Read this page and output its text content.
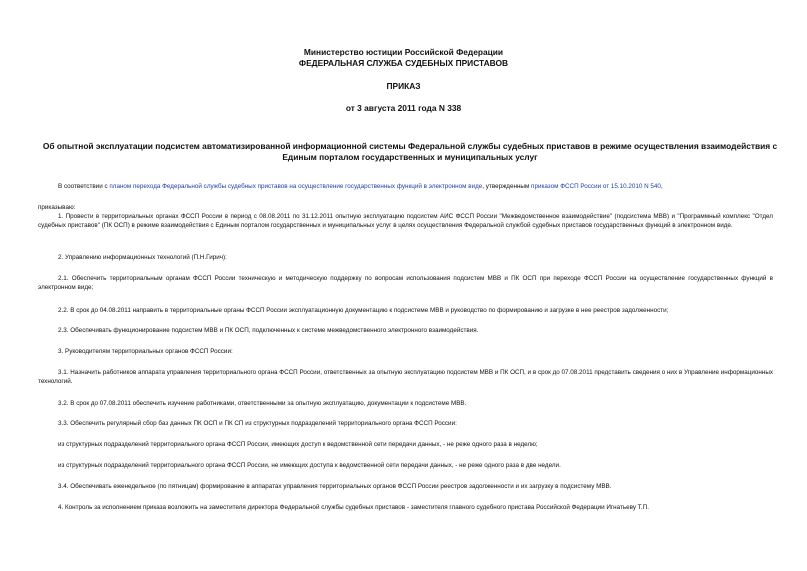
Министерство юстиции Российской Федерации
ФЕДЕРАЛЬНАЯ СЛУЖБА СУДЕБНЫХ ПРИСТАВОВ
ПРИКАЗ
от 3 августа 2011 года N 338
Об опытной эксплуатации подсистем автоматизированной информационной системы Федеральной службы судебных приставов в режиме осуществления взаимодействия с Единым порталом государственных и муниципальных услуг
В соответствии с планом перехода Федеральной службы судебных приставов на осуществление государственных функций в электронном виде, утвержденным приказом ФССП России от 15.10.2010 N 540,
приказываю:
1. Провести в территориальных органах ФССП России в период с 08.08.2011 по 31.12.2011 опытную эксплуатацию подсистем АИС ФССП России "Межведомственное взаимодействие" (подсистема МВВ) и "Программный комплекс "Отдел судебных приставов" (ПК ОСП) в режиме взаимодействия с Единым порталом государственных и муниципальных услуг в целях осуществления Федеральной службой судебных приставов государственных функций в электронном виде.
2. Управлению информационных технологий (П.Н.Гирич):
2.1. Обеспечить территориальным органам ФССП России техническую и методическую поддержку по вопросам использования подсистем МВВ и ПК ОСП при переходе ФССП России на осуществление государственных функций в электронном виде;
2.2. В срок до 04.08.2011 направить в территориальные органы ФССП России эксплуатационную документацию к подсистеме МВВ и руководство по формированию и загрузке в нее реестров задолженности;
2.3. Обеспечивать функционирование подсистем МВВ и ПК ОСП, подключенных к системе межведомственного электронного взаимодействия.
3. Руководителям территориальных органов ФССП России:
3.1. Назначить работников аппарата управления территориального органа ФССП России, ответственных за опытную эксплуатацию подсистем МВВ и ПК ОСП, и в срок до 07.08.2011 представить сведения о них в Управление информационных технологий.
3.2. В срок до 07.08.2011 обеспечить изучение работниками, ответственными за опытную эксплуатацию, документации к подсистеме МВВ.
3.3. Обеспечить регулярный сбор баз данных ПК ОСП и ПК СП из структурных подразделений территориального органа ФССП России:
из структурных подразделений территориального органа ФССП России, имеющих доступ к ведомственной сети передачи данных, - не реже одного раза в неделю;
из структурных подразделений территориального органа ФССП России, не имеющих доступа к ведомственной сети передачи данных, - не реже одного раза в две недели.
3.4. Обеспечивать еженедельное (по пятницам) формирование в аппаратах управления территориальных органов ФССП России реестров задолженности и их загрузку в подсистему МВВ.
4. Контроль за исполнением приказа возложить на заместителя директора Федеральной службы судебных приставов - заместителя главного судебного пристава Российской Федерации Игнатьеву Т.П.
